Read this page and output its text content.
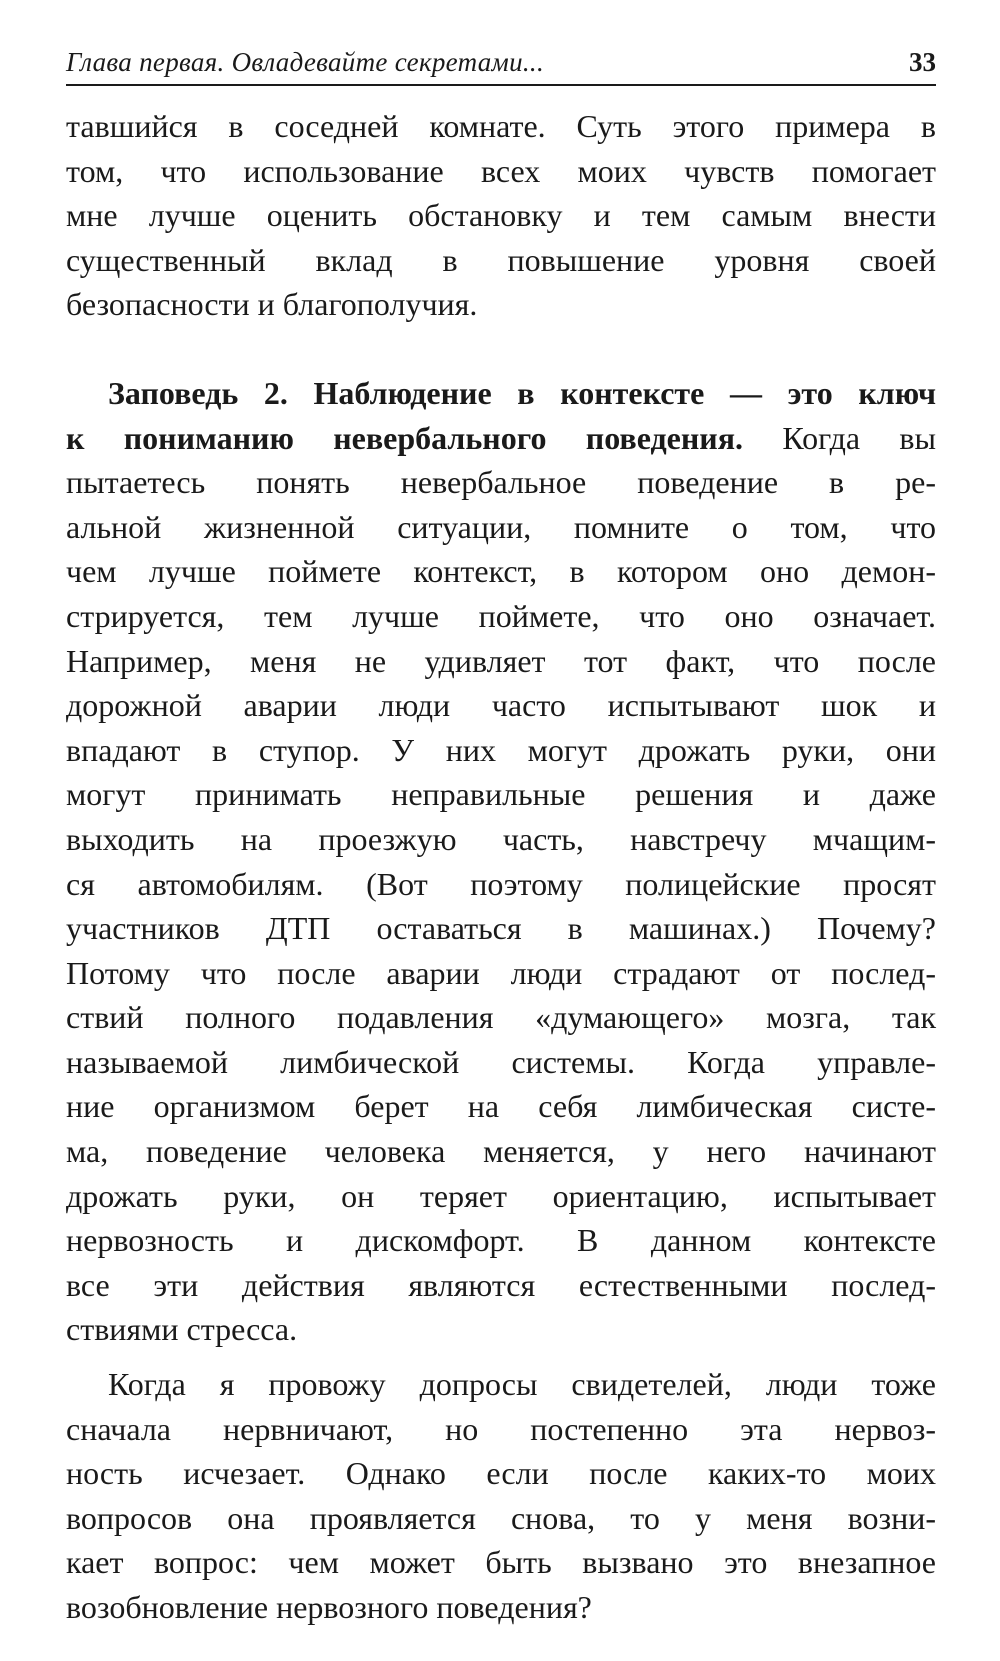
Глава первая. Овладевайте секретами...	33
тавшийся в соседней комнате. Суть этого примера в
том, что использование всех моих чувств помогает
мне лучше оценить обстановку и тем самым внести
существенный вклад в повышение уровня своей
безопасности и благополучия.
Заповедь 2. Наблюдение в контексте — это ключ
к пониманию невербального поведения. Когда вы
пытаетесь понять невербальное поведение в ре-
альной жизненной ситуации, помните о том, что
чем лучше поймете контекст, в котором оно демон-
стрируется, тем лучше поймете, что оно означает.
Например, меня не удивляет тот факт, что после
дорожной аварии люди часто испытывают шок и
впадают в ступор. У них могут дрожать руки, они
могут принимать неправильные решения и даже
выходить на проезжую часть, навстречу мчащим-
ся автомобилям. (Вот поэтому полицейские просят
участников ДТП оставаться в машинах.) Почему?
Потому что после аварии люди страдают от послед-
ствий полного подавления «думающего» мозга, так
называемой лимбической системы. Когда управле-
ние организмом берет на себя лимбическая систе-
ма, поведение человека меняется, у него начинают
дрожать руки, он теряет ориентацию, испытывает
нервозность и дискомфорт. В данном контексте
все эти действия являются естественными послед-
ствиями стресса.
Когда я провожу допросы свидетелей, люди тоже
сначала нервничают, но постепенно эта нервоз-
ность исчезает. Однако если после каких-то моих
вопросов она проявляется снова, то у меня возни-
кает вопрос: чем может быть вызвано это внезапное
возобновление нервозного поведения?
